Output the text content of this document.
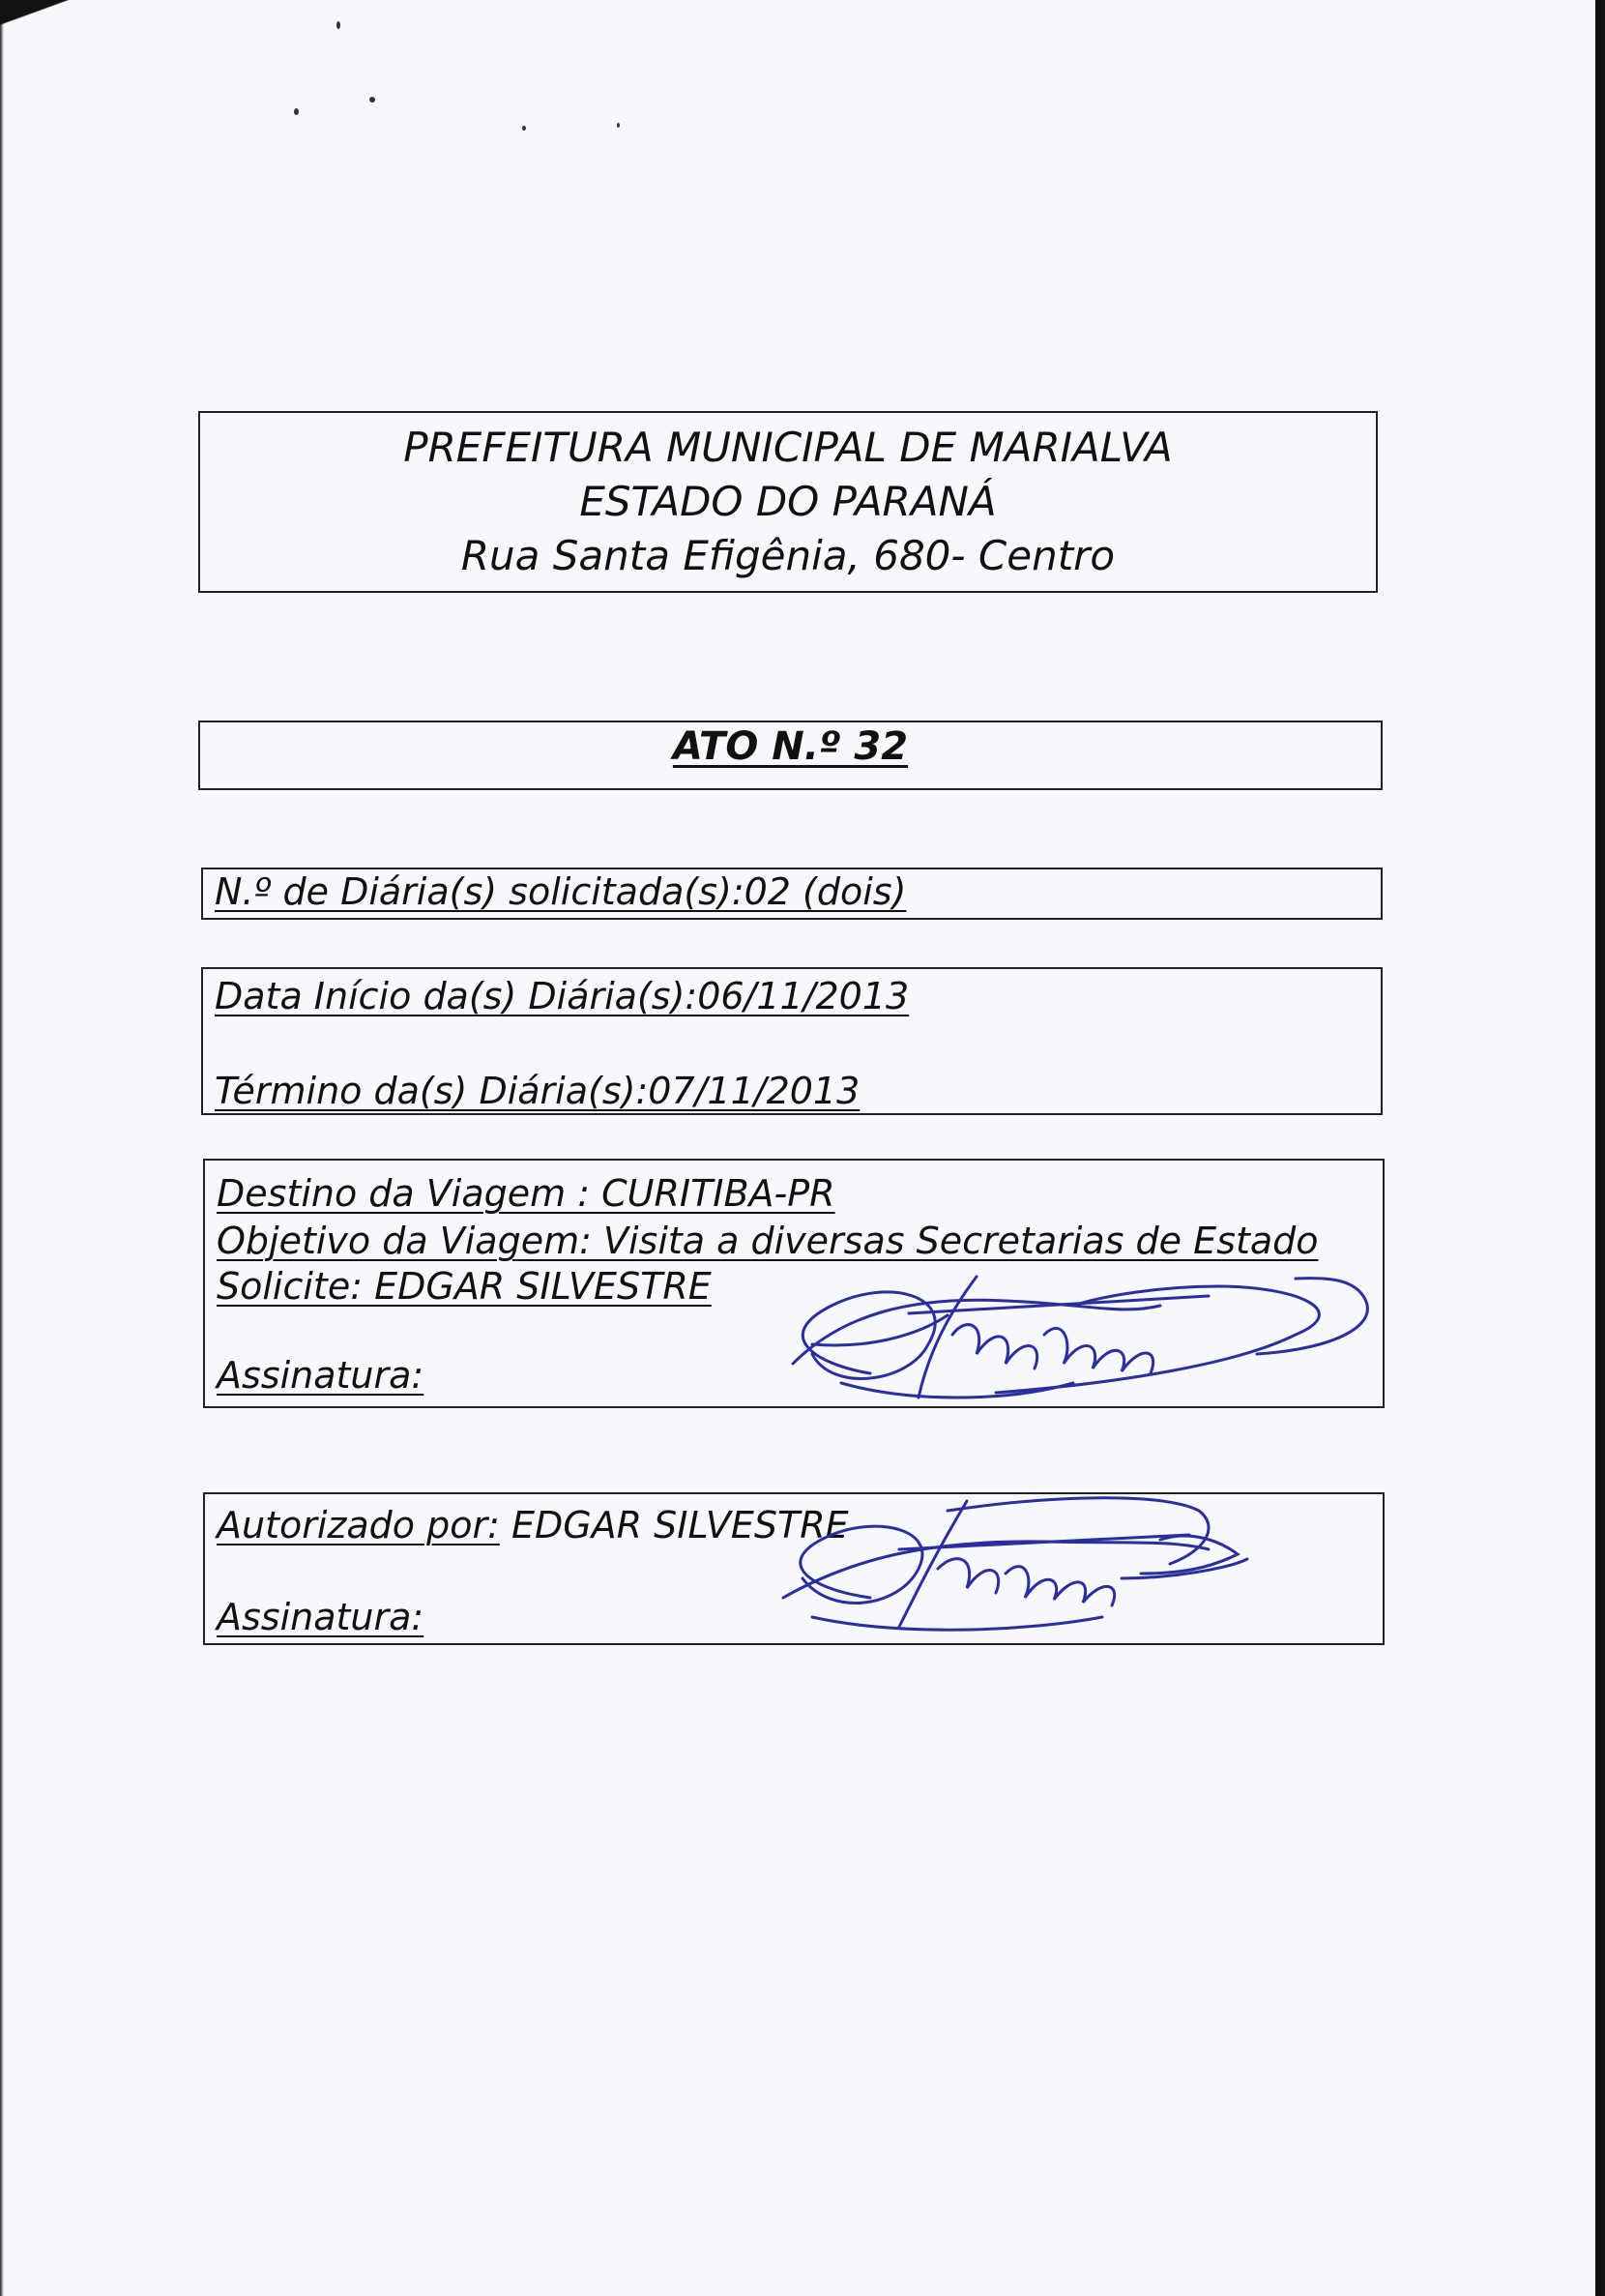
PREFEITURA MUNICIPAL DE MARIALVA
ESTADO DO PARANÁ
Rua Santa Efigênia, 680- Centro
ATO N.º 32
N.º de Diária(s) solicitada(s):02 (dois)
Data Início da(s) Diária(s):06/11/2013
Término da(s) Diária(s):07/11/2013
Destino da Viagem : CURITIBA-PR
Objetivo da Viagem: Visita a diversas Secretarias de Estado
Solicite: EDGAR SILVESTRE
Assinatura:
Autorizado por: EDGAR SILVESTRE
Assinatura:
